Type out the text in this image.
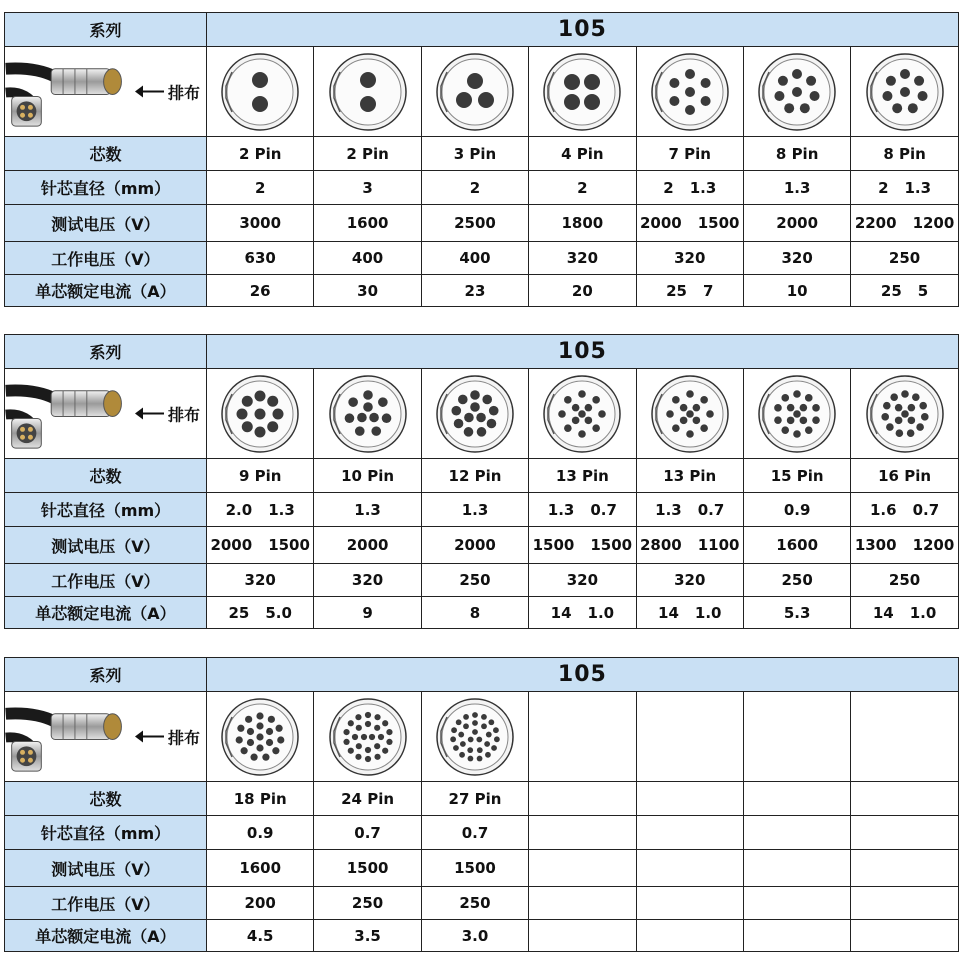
系列	105						

排布

芯数	2 Pin	2 Pin	3 Pin	4 Pin	7 Pin	8 Pin	8 Pin
针芯直径（mm）	2	3	2	2	2 1.3	1.3	2 1.3
测试电压（V）	3000	1600	2500	1800	2000 1500	2000	2200 1200
工作电压（V）	630	400	400	320	320	320	250
单芯额定电流（A）	26	30	23	20	25 7	10	25 5
系列	105						

排布

芯数	9 Pin	10 Pin	12 Pin	13 Pin	13 Pin	15 Pin	16 Pin
针芯直径（mm）	2.0 1.3	1.3	1.3	1.3 0.7	1.3 0.7	0.9	1.6 0.7
测试电压（V）	2000 1500	2000	2000	1500 1500	2800 1100	1600	1300 1200
工作电压（V）	320	320	250	320	320	250	250
单芯额定电流（A）	25 5.0	9	8	14 1.0	14 1.0	5.3	14 1.0
系列	105						

排布

芯数	18 Pin	24 Pin	27 Pin				
针芯直径（mm）	0.9	0.7	0.7				
测试电压（V）	1600	1500	1500				
工作电压（V）	200	250	250				
单芯额定电流（A）	4.5	3.5	3.0				
